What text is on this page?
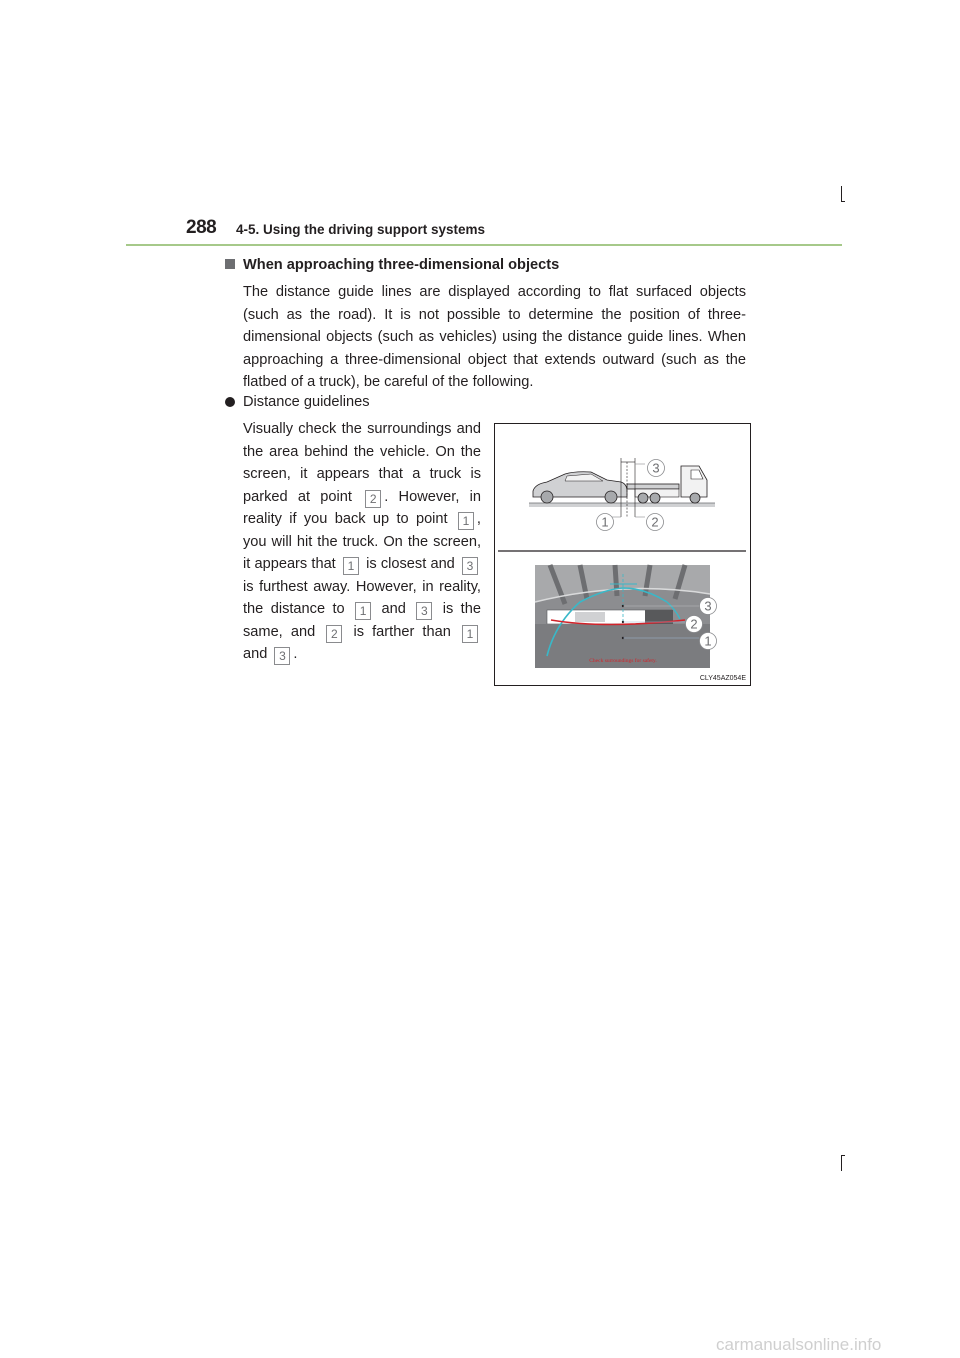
288 4-5. Using the driving support systems
When approaching three-dimensional objects
The distance guide lines are displayed according to flat surfaced objects (such as the road). It is not possible to determine the position of three-dimensional objects (such as vehicles) using the distance guide lines. When approaching a three-dimensional object that extends outward (such as the flatbed of a truck), be careful of the following.
Distance guidelines
Visually check the surroundings and the area behind the vehicle. On the screen, it appears that a truck is parked at point 2 . However, in reality if you back up to point 1 , you will hit the truck. On the screen, it appears that 1 is closest and 3 is furthest away. However, in reality, the distance to 1 and 3 is the same, and 2 is farther than 1 and 3 .
3
1	2
Check surroundings for safety.
3
2
1
CLY45AZ054E
carmanualsonline.info
